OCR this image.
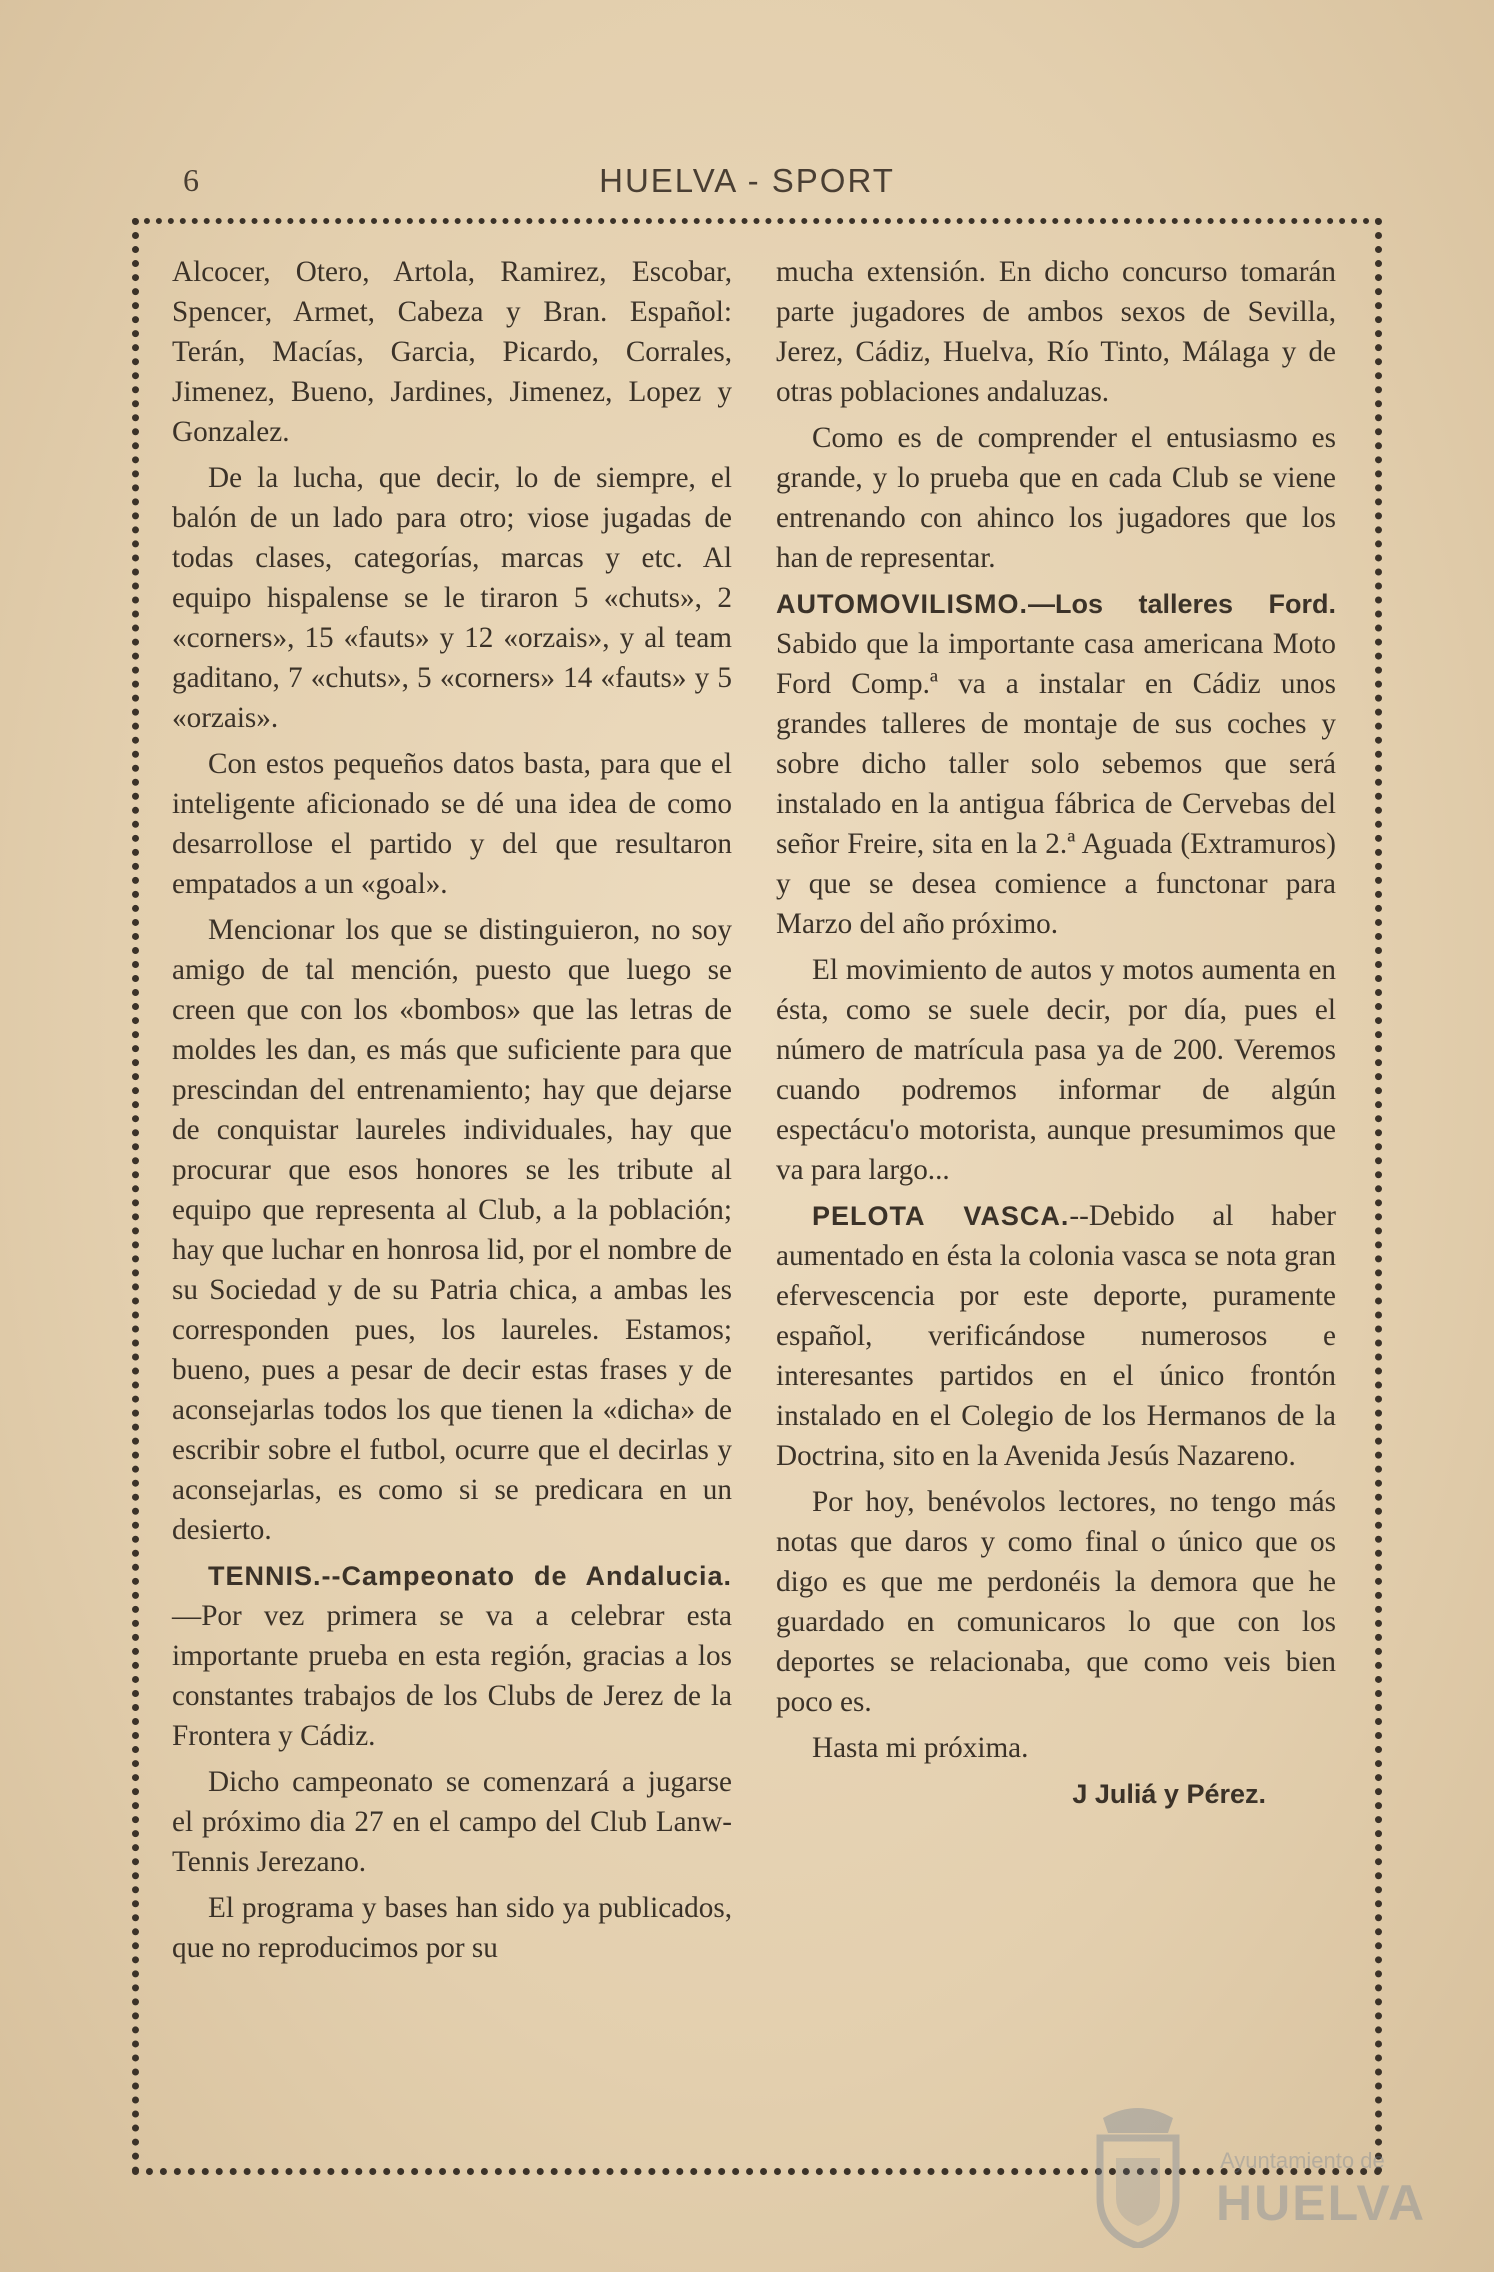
6	HUELVA - SPORT

Alcocer, Otero, Artola, Ramirez, Escobar, Spencer, Armet, Cabeza y Bran. Español: Terán, Macías, Garcia, Picardo, Corrales, Jimenez, Bueno, Jardines, Jimenez, Lopez y Gonzalez.

De la lucha, que decir, lo de siempre, el balón de un lado para otro; viose jugadas de todas clases, categorías, marcas y etc. Al equipo hispalense se le tiraron 5 «chuts», 2 «corners», 15 «fauts» y 12 «orzais», y al team gaditano, 7 «chuts», 5 «corners» 14 «fauts» y 5 «orzais».

Con estos pequeños datos basta, para que el inteligente aficionado se dé una idea de como desarrollose el partido y del que resultaron empatados a un «goal».

Mencionar los que se distinguieron, no soy amigo de tal mención, puesto que luego se creen que con los «bombos» que las letras de moldes les dan, es más que suficiente para que prescindan del entrenamiento; hay que dejarse de conquistar laureles individuales, hay que procurar que esos honores se les tribute al equipo que representa al Club, a la población; hay que luchar en honrosa lid, por el nombre de su Sociedad y de su Patria chica, a ambas les corresponden pues, los laureles. Estamos; bueno, pues a pesar de decir estas frases y de aconsejarlas todos los que tienen la «dicha» de escribir sobre el futbol, ocurre que el decirlas y aconsejarlas, es como si se predicara en un desierto.

TENNIS.--Campeonato de Andalucia.—Por vez primera se va a celebrar esta importante prueba en esta región, gracias a los constantes trabajos de los Clubs de Jerez de la Frontera y Cádiz.

Dicho campeonato se comenzará a jugarse el próximo dia 27 en el campo del Club Lanw-Tennis Jerezano.

El programa y bases han sido ya publicados, que no reproducimos por su

mucha extensión. En dicho concurso tomarán parte jugadores de ambos sexos de Sevilla, Jerez, Cádiz, Huelva, Río Tinto, Málaga y de otras poblaciones andaluzas.

Como es de comprender el entusiasmo es grande, y lo prueba que en cada Club se viene entrenando con ahinco los jugadores que los han de representar.

AUTOMOVILISMO.—Los talleres Ford. Sabido que la importante casa americana Moto Ford Comp.ª va a instalar en Cádiz unos grandes talleres de montaje de sus coches y sobre dicho taller solo sebemos que será instalado en la antigua fábrica de Cervebas del señor Freire, sita en la 2.ª Aguada (Extramuros) y que se desea comience a functonar para Marzo del año próximo.

El movimiento de autos y motos aumenta en ésta, como se suele decir, por día, pues el número de matrícula pasa ya de 200. Veremos cuando podremos informar de algún espectácu'o motorista, aunque presumimos que va para largo...

PELOTA VASCA.--Debido al haber aumentado en ésta la colonia vasca se nota gran efervescencia por este deporte, puramente español, verificándose numerosos e interesantes partidos en el único frontón instalado en el Colegio de los Hermanos de la Doctrina, sito en la Avenida Jesús Nazareno.

Por hoy, benévolos lectores, no tengo más notas que daros y como final o único que os digo es que me perdonéis la demora que he guardado en comunicaros lo que con los deportes se relacionaba, que como veis bien poco es.

Hasta mi próxima.

J Juliá y Pérez.

Ayuntamiento de
HUELVA
